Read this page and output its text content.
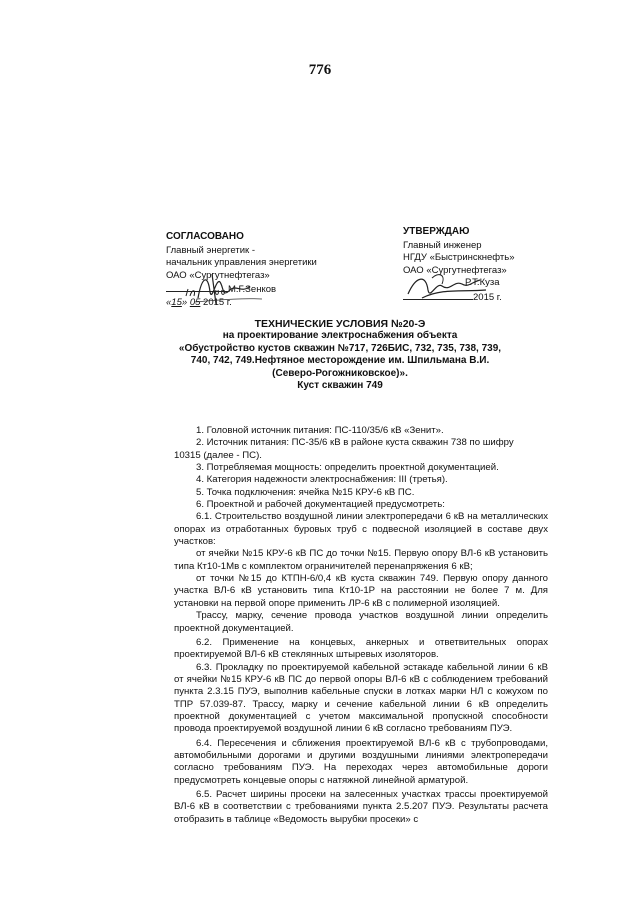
776
СОГЛАСОВАНО
Главный энергетик -
начальник управления энергетики
ОАО «Сургутнефтегаз»
М.Г.Зенков
«15» 05 2015 г.
УТВЕРЖДАЮ
Главный инженер
НГДУ «Быстринскнефть»
ОАО «Сургутнефтегаз»
Р.Т.Куза
2015 г.
ТЕХНИЧЕСКИЕ УСЛОВИЯ №20-Э
на проектирование электроснабжения объекта
«Обустройство кустов скважин №717, 726БИС, 732, 735, 738, 739,
740, 742, 749.Нефтяное месторождение им. Шпильмана В.И.
(Северо-Рогожниковское)».
Куст скважин 749

1. Головной источник питания: ПС-110/35/6 кВ «Зенит».

2. Источник питания: ПС-35/6 кВ в районе куста скважин 738 по шифру

10315 (далее - ПС).

3. Потребляемая мощность: определить проектной документацией.

4. Категория надежности электроснабжения: III (третья).

5. Точка подключения: ячейка №15 КРУ-6 кВ ПС.

6. Проектной и рабочей документацией предусмотреть:

6.1. Строительство воздушной линии электропередачи 6 кВ на металлических опорах из отработанных буровых труб с подвесной изоляцией в составе двух участков:

от ячейки №15 КРУ-6 кВ ПС до точки №15. Первую опору ВЛ-6 кВ установить типа Кт10-1Мв с комплектом ограничителей перенапряжения 6 кВ;

от точки №15 до КТПН-6/0,4 кВ куста скважин 749. Первую опору данного участка ВЛ-6 кВ установить типа Кт10-1Р на расстоянии не более 7 м. Для установки на первой опоре применить ЛР-6 кВ с полимерной изоляцией.

Трассу, марку, сечение провода участков воздушной линии определить проектной документацией.

6.2. Применение на концевых, анкерных и ответвительных опорах проектируемой ВЛ-6 кВ стеклянных штыревых изоляторов.

6.3. Прокладку по проектируемой кабельной эстакаде кабельной линии 6 кВ от ячейки №15 КРУ-6 кВ ПС до первой опоры ВЛ-6 кВ с соблюдением требований пункта 2.3.15 ПУЭ, выполнив кабельные спуски в лотках марки НЛ с кожухом по ТПР 57.039-87. Трассу, марку и сечение кабельной линии 6 кВ определить проектной документацией с учетом максимальной пропускной способности провода проектируемой воздушной линии 6 кВ согласно требованиям ПУЭ.

6.4. Пересечения и сближения проектируемой ВЛ-6 кВ с трубопроводами, автомобильными дорогами и другими воздушными линиями электропередачи согласно требованиям ПУЭ. На переходах через автомобильные дороги предусмотреть концевые опоры с натяжной линейной арматурой.

6.5. Расчет ширины просеки на залесенных участках трассы проектируемой ВЛ-6 кВ в соответствии с требованиями пункта 2.5.207 ПУЭ. Результаты расчета отобразить в таблице «Ведомость вырубки просеки» с
